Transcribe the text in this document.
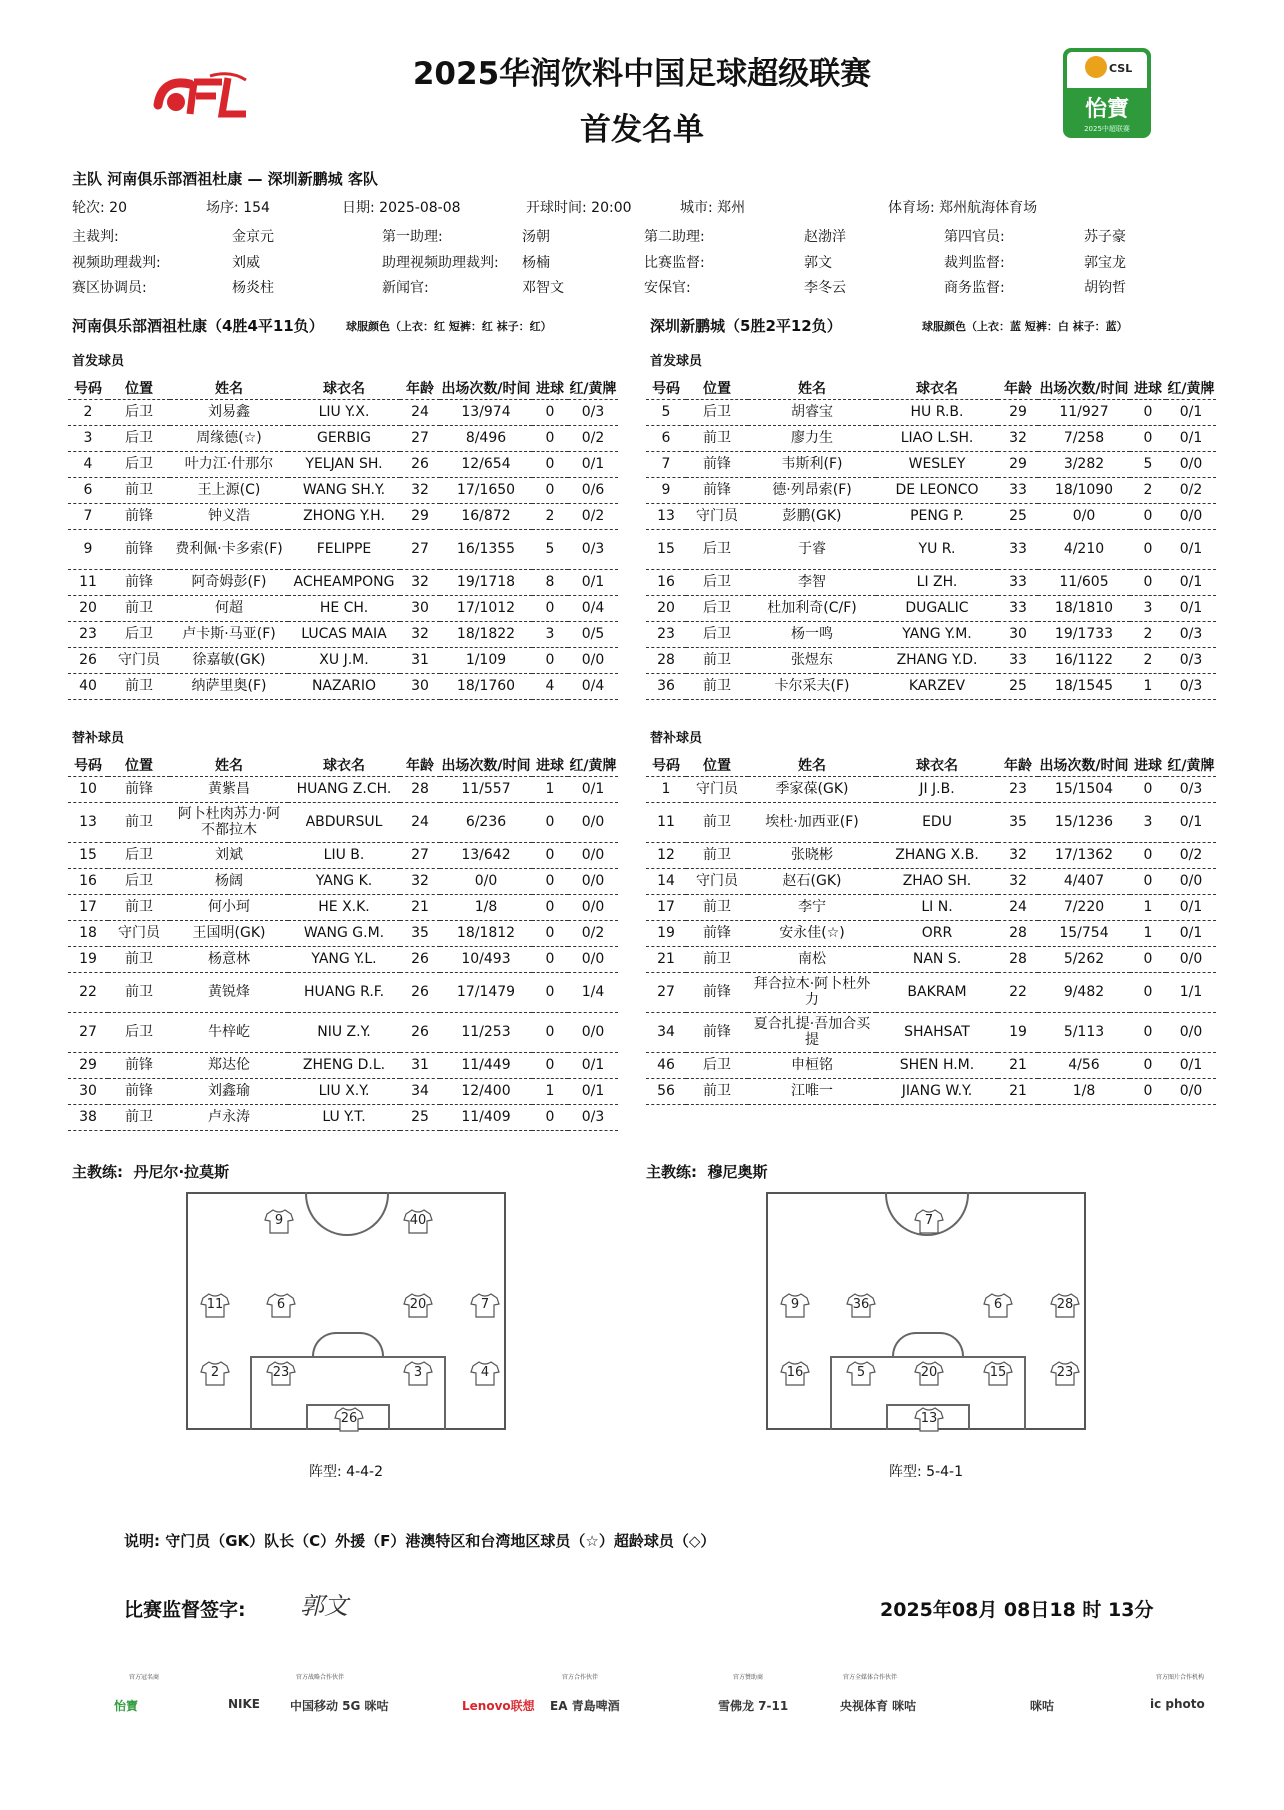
2025华润饮料中国足球超级联赛
首发名单
CSL
怡寶
2025中超联赛
主队 河南俱乐部酒祖杜康 — 深圳新鹏城 客队
轮次: 20	场序: 154	日期: 2025-08-08	开球时间: 20:00	城市: 郑州	体育场: 郑州航海体育场
主裁判:	金京元	第一助理:	汤朝	第二助理:	赵渤洋	第四官员:	苏子豪
视频助理裁判:	刘威	助理视频助理裁判: 杨楠	比赛监督:	郭文	裁判监督:	郭宝龙
赛区协调员:	杨炎柱	新闻官:	邓智文	安保官:	李冬云	商务监督:	胡钧哲
河南俱乐部酒祖杜康（4胜4平11负） 球服颜色（上衣：红 短裤：红 袜子：红）	深圳新鹏城（5胜2平12负）	球服颜色（上衣：蓝 短裤：白 袜子：蓝）
首发球员	首发球员
替补球员	替补球员
号码	位置	姓名	球衣名	年龄	出场次数/时间	进球	红/黄牌
2	后卫	刘易鑫	LIU Y.X.	24	13/974	0	0/3
3	后卫	周缘德(☆)	GERBIG	27	8/496	0	0/2
4	后卫	叶力江·什那尔	YELJAN SH.	26	12/654	0	0/1
6	前卫	王上源(C)	WANG SH.Y.	32	17/1650	0	0/6
7	前锋	钟义浩	ZHONG Y.H.	29	16/872	2	0/2
9	前锋	费利佩·卡多索(F)	FELIPPE	27	16/1355	5	0/3
11	前锋	阿奇姆彭(F)	ACHEAMPONG	32	19/1718	8	0/1
20	前卫	何超	HE CH.	30	17/1012	0	0/4
23	后卫	卢卡斯·马亚(F)	LUCAS MAIA	32	18/1822	3	0/5
26	守门员	徐嘉敏(GK)	XU J.M.	31	1/109	0	0/0
40	前卫	纳萨里奥(F)	NAZARIO	30	18/1760	4	0/4
号码	位置	姓名	球衣名	年龄	出场次数/时间	进球	红/黄牌
5	后卫	胡睿宝	HU R.B.	29	11/927	0	0/1
6	前卫	廖力生	LIAO L.SH.	32	7/258	0	0/1
7	前锋	韦斯利(F)	WESLEY	29	3/282	5	0/0
9	前锋	德·列昂索(F)	DE LEONCO	33	18/1090	2	0/2
13	守门员	彭鹏(GK)	PENG P.	25	0/0	0	0/0
15	后卫	于睿	YU R.	33	4/210	0	0/1
16	后卫	李智	LI ZH.	33	11/605	0	0/1
20	后卫	杜加利奇(C/F)	DUGALIC	33	18/1810	3	0/1
23	后卫	杨一鸣	YANG Y.M.	30	19/1733	2	0/3
28	前卫	张煜东	ZHANG Y.D.	33	16/1122	2	0/3
36	前卫	卡尔采夫(F)	KARZEV	25	18/1545	1	0/3
号码	位置	姓名	球衣名	年龄	出场次数/时间	进球	红/黄牌
10	前锋	黄紫昌	HUANG Z.CH.	28	11/557	1	0/1
13	前卫	阿卜杜肉苏力·阿不都拉木	ABDURSUL	24	6/236	0	0/0
15	后卫	刘斌	LIU B.	27	13/642	0	0/0
16	后卫	杨阔	YANG K.	32	0/0	0	0/0
17	前卫	何小珂	HE X.K.	21	1/8	0	0/0
18	守门员	王国明(GK)	WANG G.M.	35	18/1812	0	0/2
19	前卫	杨意林	YANG Y.L.	26	10/493	0	0/0
22	前卫	黄锐烽	HUANG R.F.	26	17/1479	0	1/4
27	后卫	牛梓屹	NIU Z.Y.	26	11/253	0	0/0
29	前锋	郑达伦	ZHENG D.L.	31	11/449	0	0/1
30	前锋	刘鑫瑜	LIU X.Y.	34	12/400	1	0/1
38	前卫	卢永涛	LU Y.T.	25	11/409	0	0/3
号码	位置	姓名	球衣名	年龄	出场次数/时间	进球	红/黄牌
1	守门员	季家葆(GK)	JI J.B.	23	15/1504	0	0/3
11	前卫	埃杜·加西亚(F)	EDU	35	15/1236	3	0/1
12	前卫	张晓彬	ZHANG X.B.	32	17/1362	0	0/2
14	守门员	赵石(GK)	ZHAO SH.	32	4/407	0	0/0
17	前卫	李宁	LI N.	24	7/220	1	0/1
19	前锋	安永佳(☆)	ORR	28	15/754	1	0/1
21	前卫	南松	NAN S.	28	5/262	0	0/0
27	前锋	拜合拉木·阿卜杜外力	BAKRAM	22	9/482	0	1/1
34	前锋	夏合扎提·吾加合买提	SHAHSAT	19	5/113	0	0/0
46	后卫	申桓铭	SHEN H.M.	21	4/56	0	0/1
56	前卫	江唯一	JIANG W.Y.	21	1/8	0	0/0
主教练: 丹尼尔·拉莫斯	主教练: 穆尼奥斯
9	40
11	6	20	7
2	23	3	4
26
7
9	36	6	28
16	5	20	15	23
13
阵型: 4-4-2	阵型: 5-4-1
说明: 守门员（GK）队长（C）外援（F）港澳特区和台湾地区球员（☆）超龄球员（◇）
比赛监督签字: 郭文	2025年08月 08日18 时 13分
官方冠名商
怡寶	NIKE
官方战略合作伙伴
中国移动 5G 咪咕	Lenovo联想
官方合作伙伴
EA 青島啤酒
官方赞助商
雪佛龙 7-11
官方全媒体合作伙伴
央视体育 咪咕	咪咕
官方图片合作机构
ic photo
